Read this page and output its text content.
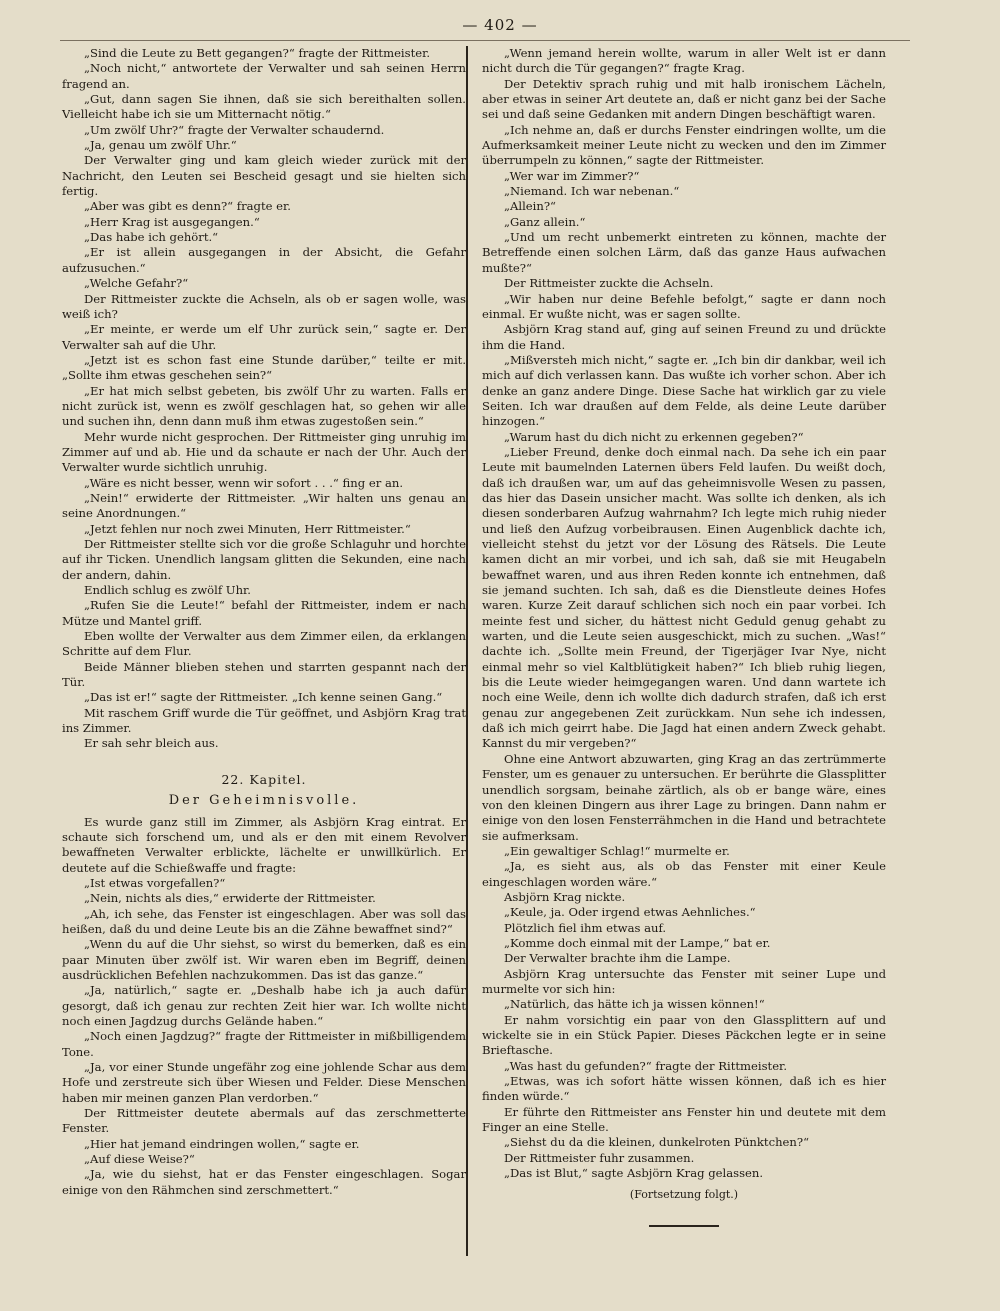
— 402 —

„Sind die Leute zu Bett gegangen?“ fragte der Rittmeister.

„Noch nicht,“ antwortete der Verwalter und sah seinen Herrn fragend an.

„Gut, dann sagen Sie ihnen, daß sie sich bereithalten sollen. Vielleicht habe ich sie um Mitternacht nötig.“

„Um zwölf Uhr?“ fragte der Verwalter schaudernd.

„Ja, genau um zwölf Uhr.“

Der Verwalter ging und kam gleich wieder zurück mit der Nachricht, den Leuten sei Bescheid gesagt und sie hielten sich fertig.

„Aber was gibt es denn?“ fragte er.

„Herr Krag ist ausgegangen.“

„Das habe ich gehört.“

„Er ist allein ausgegangen in der Absicht, die Gefahr aufzusuchen.“

„Welche Gefahr?“

Der Rittmeister zuckte die Achseln, als ob er sagen wolle, was weiß ich?

„Er meinte, er werde um elf Uhr zurück sein,“ sagte er. Der Verwalter sah auf die Uhr.

„Jetzt ist es schon fast eine Stunde darüber,“ teilte er mit. „Sollte ihm etwas geschehen sein?“

„Er hat mich selbst gebeten, bis zwölf Uhr zu warten. Falls er nicht zurück ist, wenn es zwölf geschlagen hat, so gehen wir alle und suchen ihn, denn dann muß ihm etwas zugestoßen sein.“

Mehr wurde nicht gesprochen. Der Rittmeister ging unruhig im Zimmer auf und ab. Hie und da schaute er nach der Uhr. Auch der Verwalter wurde sichtlich unruhig.

„Wäre es nicht besser, wenn wir sofort . . .“ fing er an.

„Nein!“ erwiderte der Rittmeister. „Wir halten uns genau an seine Anordnungen.“

„Jetzt fehlen nur noch zwei Minuten, Herr Rittmeister.“

Der Rittmeister stellte sich vor die große Schlaguhr und horchte auf ihr Ticken. Unendlich langsam glitten die Sekunden, eine nach der andern, dahin.

Endlich schlug es zwölf Uhr.

„Rufen Sie die Leute!“ befahl der Rittmeister, indem er nach Mütze und Mantel griff.

Eben wollte der Verwalter aus dem Zimmer eilen, da erklangen Schritte auf dem Flur.

Beide Männer blieben stehen und starrten gespannt nach der Tür.

„Das ist er!“ sagte der Rittmeister. „Ich kenne seinen Gang.“

Mit raschem Griff wurde die Tür geöffnet, und Asbjörn Krag trat ins Zimmer.

Er sah sehr bleich aus.

22. Kapitel.

Der Geheimnisvolle.

Es wurde ganz still im Zimmer, als Asbjörn Krag eintrat. Er schaute sich forschend um, und als er den mit einem Revolver bewaffneten Verwalter erblickte, lächelte er unwillkürlich. Er deutete auf die Schießwaffe und fragte:

„Ist etwas vorgefallen?“

„Nein, nichts als dies,“ erwiderte der Rittmeister.

„Ah, ich sehe, das Fenster ist eingeschlagen. Aber was soll das heißen, daß du und deine Leute bis an die Zähne bewaffnet sind?“

„Wenn du auf die Uhr siehst, so wirst du bemerken, daß es ein paar Minuten über zwölf ist. Wir waren eben im Begriff, deinen ausdrücklichen Befehlen nachzukommen. Das ist das ganze.“

„Ja, natürlich,“ sagte er. „Deshalb habe ich ja auch dafür gesorgt, daß ich genau zur rechten Zeit hier war. Ich wollte nicht noch einen Jagdzug durchs Gelände haben.“

„Noch einen Jagdzug?“ fragte der Rittmeister in mißbilligendem Tone.

„Ja, vor einer Stunde ungefähr zog eine johlende Schar aus dem Hofe und zerstreute sich über Wiesen und Felder. Diese Menschen haben mir meinen ganzen Plan verdorben.“

Der Rittmeister deutete abermals auf das zerschmetterte Fenster.

„Hier hat jemand eindringen wollen,“ sagte er.

„Auf diese Weise?“

„Ja, wie du siehst, hat er das Fenster eingeschlagen. Sogar einige von den Rähmchen sind zerschmettert.“

„Wenn jemand herein wollte, warum in aller Welt ist er dann nicht durch die Tür gegangen?“ fragte Krag.

Der Detektiv sprach ruhig und mit halb ironischem Lächeln, aber etwas in seiner Art deutete an, daß er nicht ganz bei der Sache sei und daß seine Gedanken mit andern Dingen beschäftigt waren.

„Ich nehme an, daß er durchs Fenster eindringen wollte, um die Aufmerksamkeit meiner Leute nicht zu wecken und den im Zimmer überrumpeln zu können,“ sagte der Rittmeister.

„Wer war im Zimmer?“

„Niemand. Ich war nebenan.“

„Allein?“

„Ganz allein.“

„Und um recht unbemerkt eintreten zu können, machte der Betreffende einen solchen Lärm, daß das ganze Haus aufwachen mußte?“

Der Rittmeister zuckte die Achseln.

„Wir haben nur deine Befehle befolgt,“ sagte er dann noch einmal. Er wußte nicht, was er sagen sollte.

Asbjörn Krag stand auf, ging auf seinen Freund zu und drückte ihm die Hand.

„Mißversteh mich nicht,“ sagte er. „Ich bin dir dankbar, weil ich mich auf dich verlassen kann. Das wußte ich vorher schon. Aber ich denke an ganz andere Dinge. Diese Sache hat wirklich gar zu viele Seiten. Ich war draußen auf dem Felde, als deine Leute darüber hinzogen.“

„Warum hast du dich nicht zu erkennen gegeben?“

„Lieber Freund, denke doch einmal nach. Da sehe ich ein paar Leute mit baumelnden Laternen übers Feld laufen. Du weißt doch, daß ich draußen war, um auf das geheimnisvolle Wesen zu passen, das hier das Dasein unsicher macht. Was sollte ich denken, als ich diesen sonderbaren Aufzug wahrnahm? Ich legte mich ruhig nieder und ließ den Aufzug vorbeibrausen. Einen Augenblick dachte ich, vielleicht stehst du jetzt vor der Lösung des Rätsels. Die Leute kamen dicht an mir vorbei, und ich sah, daß sie mit Heugabeln bewaffnet waren, und aus ihren Reden konnte ich entnehmen, daß sie jemand suchten. Ich sah, daß es die Dienstleute deines Hofes waren. Kurze Zeit darauf schlichen sich noch ein paar vorbei. Ich meinte fest und sicher, du hättest nicht Geduld genug gehabt zu warten, und die Leute seien ausgeschickt, mich zu suchen. „Was!“ dachte ich. „Sollte mein Freund, der Tigerjäger Ivar Nye, nicht einmal mehr so viel Kaltblütigkeit haben?“ Ich blieb ruhig liegen, bis die Leute wieder heimgegangen waren. Und dann wartete ich noch eine Weile, denn ich wollte dich dadurch strafen, daß ich erst genau zur angegebenen Zeit zurückkam. Nun sehe ich indessen, daß ich mich geirrt habe. Die Jagd hat einen andern Zweck gehabt. Kannst du mir vergeben?“

Ohne eine Antwort abzuwarten, ging Krag an das zertrümmerte Fenster, um es genauer zu untersuchen. Er berührte die Glassplitter unendlich sorgsam, beinahe zärtlich, als ob er bange wäre, eines von den kleinen Dingern aus ihrer Lage zu bringen. Dann nahm er einige von den losen Fensterrähmchen in die Hand und betrachtete sie aufmerksam.

„Ein gewaltiger Schlag!“ murmelte er.

„Ja, es sieht aus, als ob das Fenster mit einer Keule eingeschlagen worden wäre.“

Asbjörn Krag nickte.

„Keule, ja. Oder irgend etwas Aehnliches.“

Plötzlich fiel ihm etwas auf.

„Komme doch einmal mit der Lampe,“ bat er.

Der Verwalter brachte ihm die Lampe.

Asbjörn Krag untersuchte das Fenster mit seiner Lupe und murmelte vor sich hin:

„Natürlich, das hätte ich ja wissen können!“

Er nahm vorsichtig ein paar von den Glassplittern auf und wickelte sie in ein Stück Papier. Dieses Päckchen legte er in seine Brieftasche.

„Was hast du gefunden?“ fragte der Rittmeister.

„Etwas, was ich sofort hätte wissen können, daß ich es hier finden würde.“

Er führte den Rittmeister ans Fenster hin und deutete mit dem Finger an eine Stelle.

„Siehst du da die kleinen, dunkelroten Pünktchen?“

Der Rittmeister fuhr zusammen.

„Das ist Blut,“ sagte Asbjörn Krag gelassen.

(Fortsetzung folgt.)
